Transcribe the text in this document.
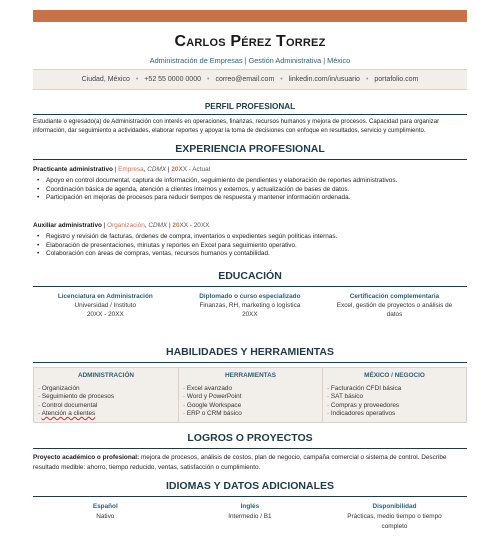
Carlos Pérez Torrez
Administración de Empresas | Gestión Administrativa | México
Ciudad, México • +52 55 0000 0000 • correo@email.com • linkedin.com/in/usuario • portafolio.com
PERFIL PROFESIONAL
Estudiante o egresado(a) de Administración con interés en operaciones, finanzas, recursos humanos y mejora de procesos. Capacidad para organizar información, dar seguimiento a actividades, elaborar reportes y apoyar la toma de decisiones con enfoque en resultados, servicio y cumplimiento.
EXPERIENCIA PROFESIONAL
Practicante administrativo | Empresa, CDMX | 20XX - Actual
• Apoyo en control documental, captura de información, seguimiento de pendientes y elaboración de reportes administrativos.
• Coordinación básica de agenda, atención a clientes internos y externos, y actualización de bases de datos.
• Participación en mejoras de procesos para reducir tiempos de respuesta y mantener información ordenada.
Auxiliar administrativo | Organización, CDMX | 20XX - 20XX
• Registro y revisión de facturas, órdenes de compra, inventarios o expedientes según políticas internas.
• Elaboración de presentaciones, minutas y reportes en Excel para seguimiento operativo.
• Colaboración con áreas de compras, ventas, recursos humanos y contabilidad.
EDUCACIÓN
Licenciatura en Administración
Universidad / Instituto
20XX - 20XX
Diplomado o curso especializado
Finanzas, RH, marketing o logística
20XX
Certificación complementaria
Excel, gestión de proyectos o análisis de
datos
HABILIDADES Y HERRAMIENTAS
ADMINISTRACIÓN
· Organización
· Seguimiento de procesos
· Control documental
· Atención a clientes
HERRAMIENTAS
· Excel avanzado
· Word y PowerPoint
· Google Workspace
· ERP o CRM básico
MÉXICO / NEGOCIO
· Facturación CFDI básica
· SAT básico
· Compras y proveedores
· Indicadores operativos
LOGROS O PROYECTOS
Proyecto académico o profesional: mejora de procesos, análisis de costos, plan de negocio, campaña comercial o sistema de control. Describe resultado medible: ahorro, tiempo reducido, ventas, satisfacción o cumplimiento.
IDIOMAS Y DATOS ADICIONALES
Español
Nativo
Inglés
Intermedio / B1
Disponibilidad
Prácticas, medio tiempo o tiempo
completo
